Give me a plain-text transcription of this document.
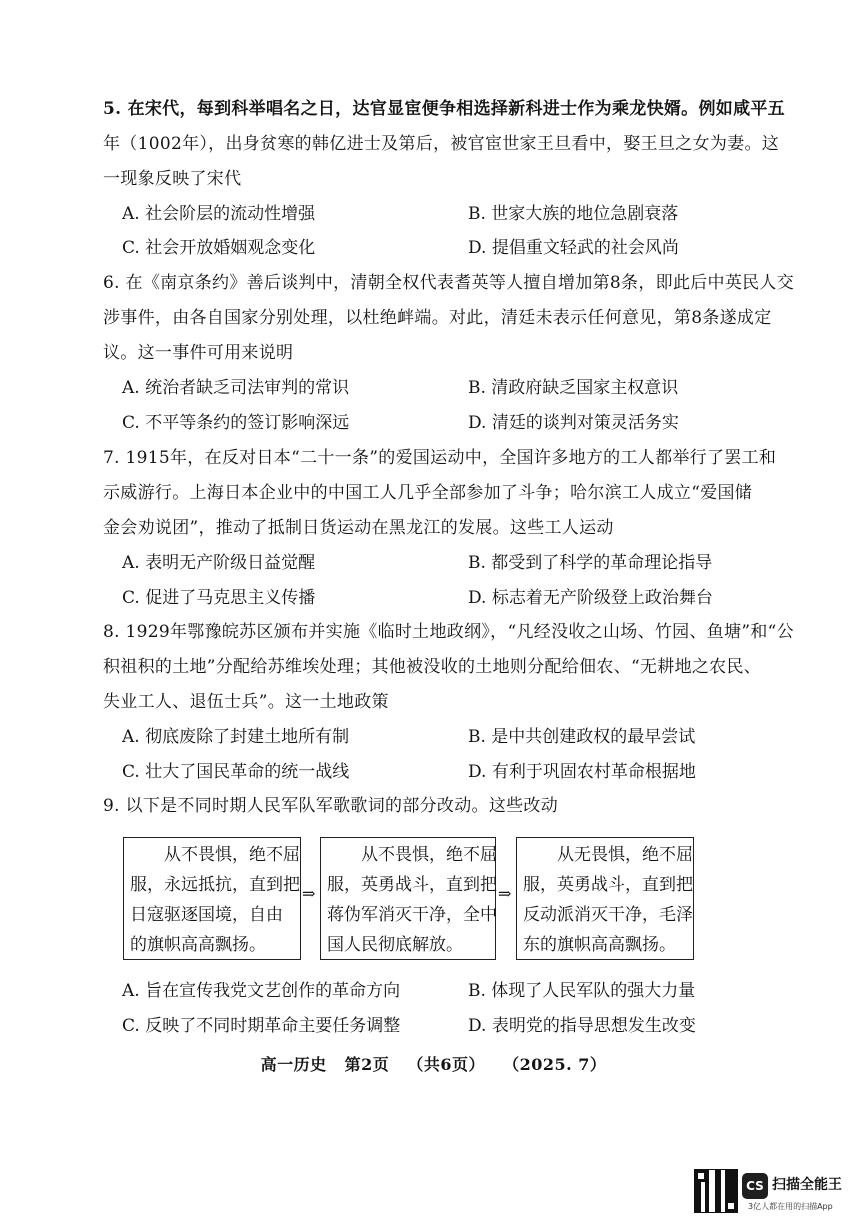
5. 在宋代，每到科举唱名之日，达官显宦便争相选择新科进士作为乘龙快婿。例如咸平五
年（1002年），出身贫寒的韩亿进士及第后，被官宦世家王旦看中，娶王旦之女为妻。这
一现象反映了宋代
A. 社会阶层的流动性增强	B. 世家大族的地位急剧衰落
C. 社会开放婚姻观念变化	D. 提倡重文轻武的社会风尚
6. 在《南京条约》善后谈判中，清朝全权代表耆英等人擅自增加第8条，即此后中英民人交
涉事件，由各自国家分别处理，以杜绝衅端。对此，清廷未表示任何意见，第8条遂成定
议。这一事件可用来说明
A. 统治者缺乏司法审判的常识	B. 清政府缺乏国家主权意识
C. 不平等条约的签订影响深远	D. 清廷的谈判对策灵活务实
7. 1915年，在反对日本“二十一条”的爱国运动中，全国许多地方的工人都举行了罢工和
示威游行。上海日本企业中的中国工人几乎全部参加了斗争；哈尔滨工人成立“爱国储
金会劝说团”，推动了抵制日货运动在黑龙江的发展。这些工人运动
A. 表明无产阶级日益觉醒	B. 都受到了科学的革命理论指导
C. 促进了马克思主义传播	D. 标志着无产阶级登上政治舞台
8. 1929年鄂豫皖苏区颁布并实施《临时土地政纲》，“凡经没收之山场、竹园、鱼塘”和“公
积祖积的土地”分配给苏维埃处理；其他被没收的土地则分配给佃农、“无耕地之农民、
失业工人、退伍士兵”。这一土地政策
A. 彻底废除了封建土地所有制	B. 是中共创建政权的最早尝试
C. 壮大了国民革命的统一战线	D. 有利于巩固农村革命根据地
9. 以下是不同时期人民军队军歌歌词的部分改动。这些改动
从不畏惧，绝不屈
服，永远抵抗，直到把
日寇驱逐国境，自由
的旗帜高高飘扬。
⇒
从不畏惧，绝不屈
服，英勇战斗，直到把
蒋伪军消灭干净，全中
国人民彻底解放。
⇒
从无畏惧，绝不屈
服，英勇战斗，直到把
反动派消灭干净，毛泽
东的旗帜高高飘扬。
A. 旨在宣传我党文艺创作的革命方向	B. 体现了人民军队的强大力量
C. 反映了不同时期革命主要任务调整	D. 表明党的指导思想发生改变
高一历史 第2页 （共6页） （2025. 7）
CS 扫描全能王
3亿人都在用的扫描App
